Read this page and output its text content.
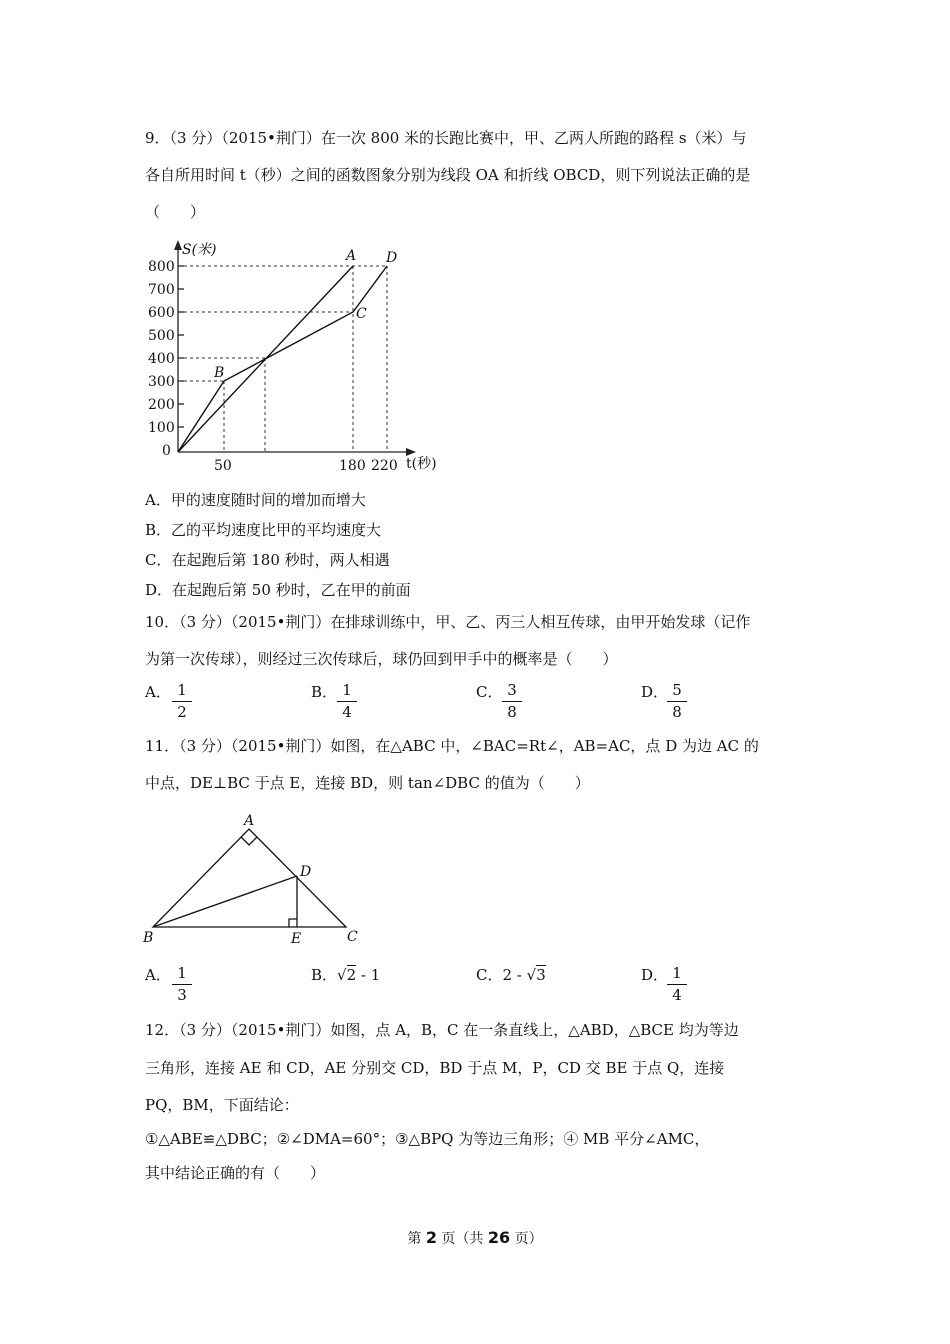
9．（3 分）（2015•荆门）在一次 800 米的长跑比赛中，甲、乙两人所跑的路程 s（米）与
各自所用时间 t（秒）之间的函数图象分别为线段 OA 和折线 OBCD，则下列说法正确的是
（　　）
S(米)
t(秒)
800
700
600
500
400
300
200
100
0
50	180 220
A
B
C
D
A．甲的速度随时间的增加而增大
B．乙的平均速度比甲的平均速度大
C．在起跑后第 180 秒时，两人相遇
D．在起跑后第 50 秒时，乙在甲的前面
10．（3 分）（2015•荆门）在排球训练中，甲、乙、丙三人相互传球，由甲开始发球（记作
为第一次传球），则经过三次传球后，球仍回到甲手中的概率是（　　）
A． 1
2
B． 1
4
C． 3
8
D． 5
8
11．（3 分）（2015•荆门）如图，在△ABC 中，∠BAC=Rt∠，AB=AC，点 D 为边 AC 的
中点，DE⊥BC 于点 E，连接 BD，则 tan∠DBC 的值为（　　）
A
B	C
D
E
A． 1
3
B．√2 - 1	C．2 - √3	D． 1
4
12．（3 分）（2015•荆门）如图，点 A，B，C 在一条直线上，△ABD，△BCE 均为等边
三角形，连接 AE 和 CD，AE 分别交 CD，BD 于点 M，P，CD 交 BE 于点 Q，连接
PQ，BM，下面结论：
①△ABE≌△DBC；②∠DMA=60°；③△BPQ 为等边三角形；④ MB 平分∠AMC，
其中结论正确的有（　　）
第 2 页（共 26 页）
